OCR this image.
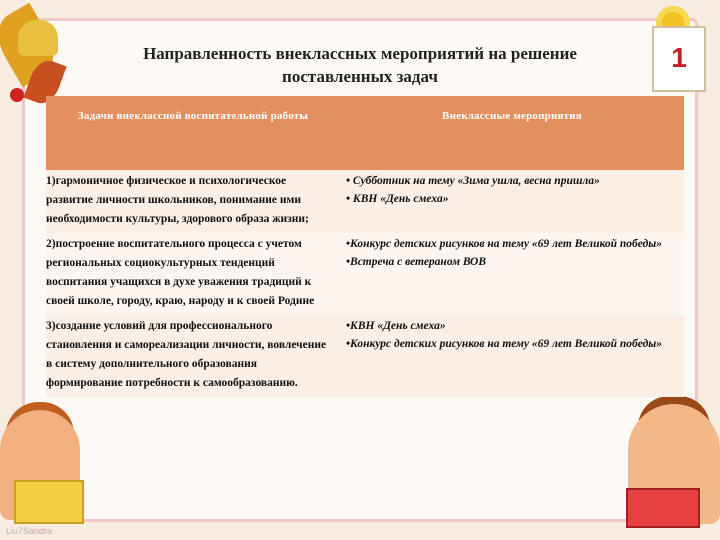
1
Liu7Sandra
Направленность внеклассных мероприятий на решение
поставленных задач
Задачи внеклассной воспитательной работы	Внеклассные мероприятия
1)гармоничное физическое и психологическое развитие личности школьников, понимание ими необходимости культуры, здорового образа жизни;	• Субботник на тему «Зима ушла, весна пришла»
• КВН «День смеха»

2)построение воспитательного процесса с учетом региональных социокультурных тенденций воспитания учащихся в духе уважения традиций к своей школе, городу, краю, народу и к своей Родине	•Конкурс детских рисунков на тему «69 лет Великой победы»
•Встреча с ветераном ВОВ

3)создание условий для профессионального становления и самореализации личности, вовлечение в систему дополнительного образования формирование потребности к самообразованию.	•КВН «День смеха»
•Конкурс детских рисунков на тему «69 лет Великой победы»
